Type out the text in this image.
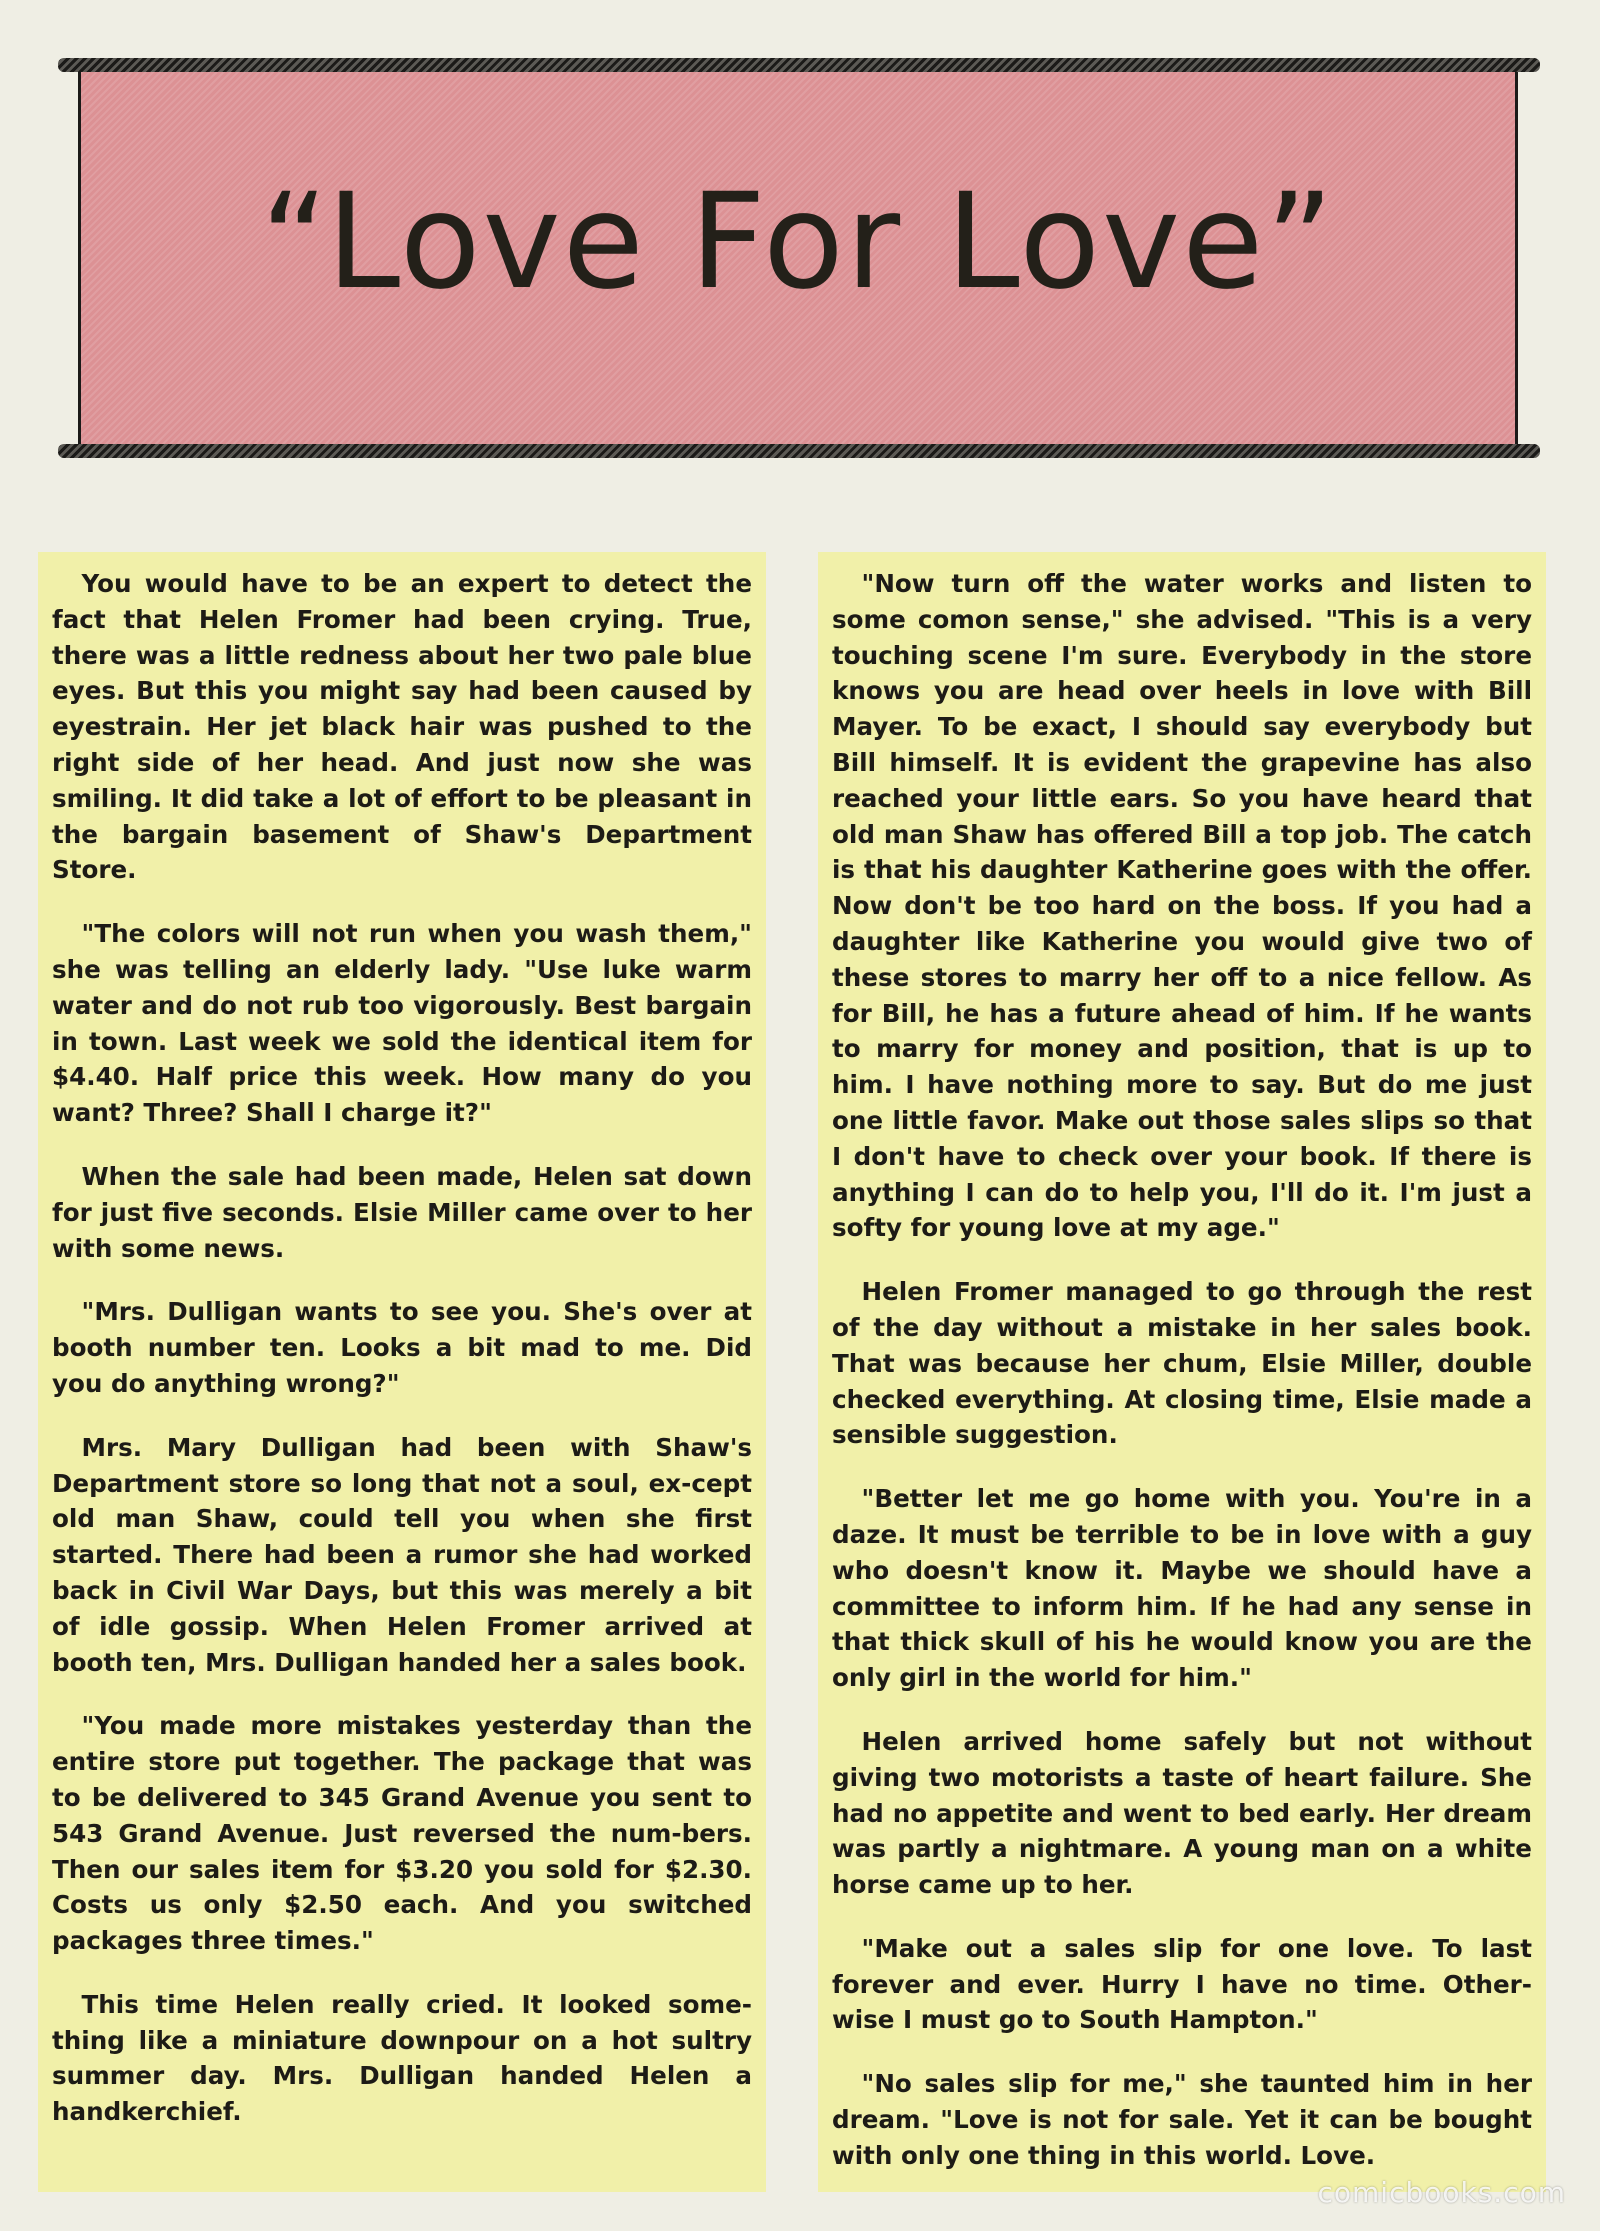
“Love For Love”

You would have to be an expert to detect the fact that Helen Fromer had been crying. True, there was a little redness about her two pale blue eyes. But this you might say had been caused by eyestrain. Her jet black hair was pushed to the right side of her head. And just now she was smiling. It did take a lot of effort to be pleasant in the bargain basement of Shaw's Department Store.

"The colors will not run when you wash them," she was telling an elderly lady. "Use luke warm water and do not rub too vigorously. Best bargain in town. Last week we sold the identical item for $4.40. Half price this week. How many do you want? Three? Shall I charge it?"

When the sale had been made, Helen sat down for just five seconds. Elsie Miller came over to her with some news.

"Mrs. Dulligan wants to see you. She's over at booth number ten. Looks a bit mad to me. Did you do anything wrong?"

Mrs. Mary Dulligan had been with Shaw's Department store so long that not a soul, ex-cept old man Shaw, could tell you when she first started. There had been a rumor she had worked back in Civil War Days, but this was merely a bit of idle gossip. When Helen Fromer arrived at booth ten, Mrs. Dulligan handed her a sales book.

"You made more mistakes yesterday than the entire store put together. The package that was to be delivered to 345 Grand Avenue you sent to 543 Grand Avenue. Just reversed the num-bers. Then our sales item for $3.20 you sold for $2.30. Costs us only $2.50 each. And you switched packages three times."

This time Helen really cried. It looked some-thing like a miniature downpour on a hot sultry summer day. Mrs. Dulligan handed Helen a handkerchief.

"Now turn off the water works and listen to some comon sense," she advised. "This is a very touching scene I'm sure. Everybody in the store knows you are head over heels in love with Bill Mayer. To be exact, I should say everybody but Bill himself. It is evident the grapevine has also reached your little ears. So you have heard that old man Shaw has offered Bill a top job. The catch is that his daughter Katherine goes with the offer. Now don't be too hard on the boss. If you had a daughter like Katherine you would give two of these stores to marry her off to a nice fellow. As for Bill, he has a future ahead of him. If he wants to marry for money and position, that is up to him. I have nothing more to say. But do me just one little favor. Make out those sales slips so that I don't have to check over your book. If there is anything I can do to help you, I'll do it. I'm just a softy for young love at my age."

Helen Fromer managed to go through the rest of the day without a mistake in her sales book. That was because her chum, Elsie Miller, double checked everything. At closing time, Elsie made a sensible suggestion.

"Better let me go home with you. You're in a daze. It must be terrible to be in love with a guy who doesn't know it. Maybe we should have a committee to inform him. If he had any sense in that thick skull of his he would know you are the only girl in the world for him."

Helen arrived home safely but not without giving two motorists a taste of heart failure. She had no appetite and went to bed early. Her dream was partly a nightmare. A young man on a white horse came up to her.

"Make out a sales slip for one love. To last forever and ever. Hurry I have no time. Other-wise I must go to South Hampton."

"No sales slip for me," she taunted him in her dream. "Love is not for sale. Yet it can be bought with only one thing in this world. Love.

comicbooks.com
